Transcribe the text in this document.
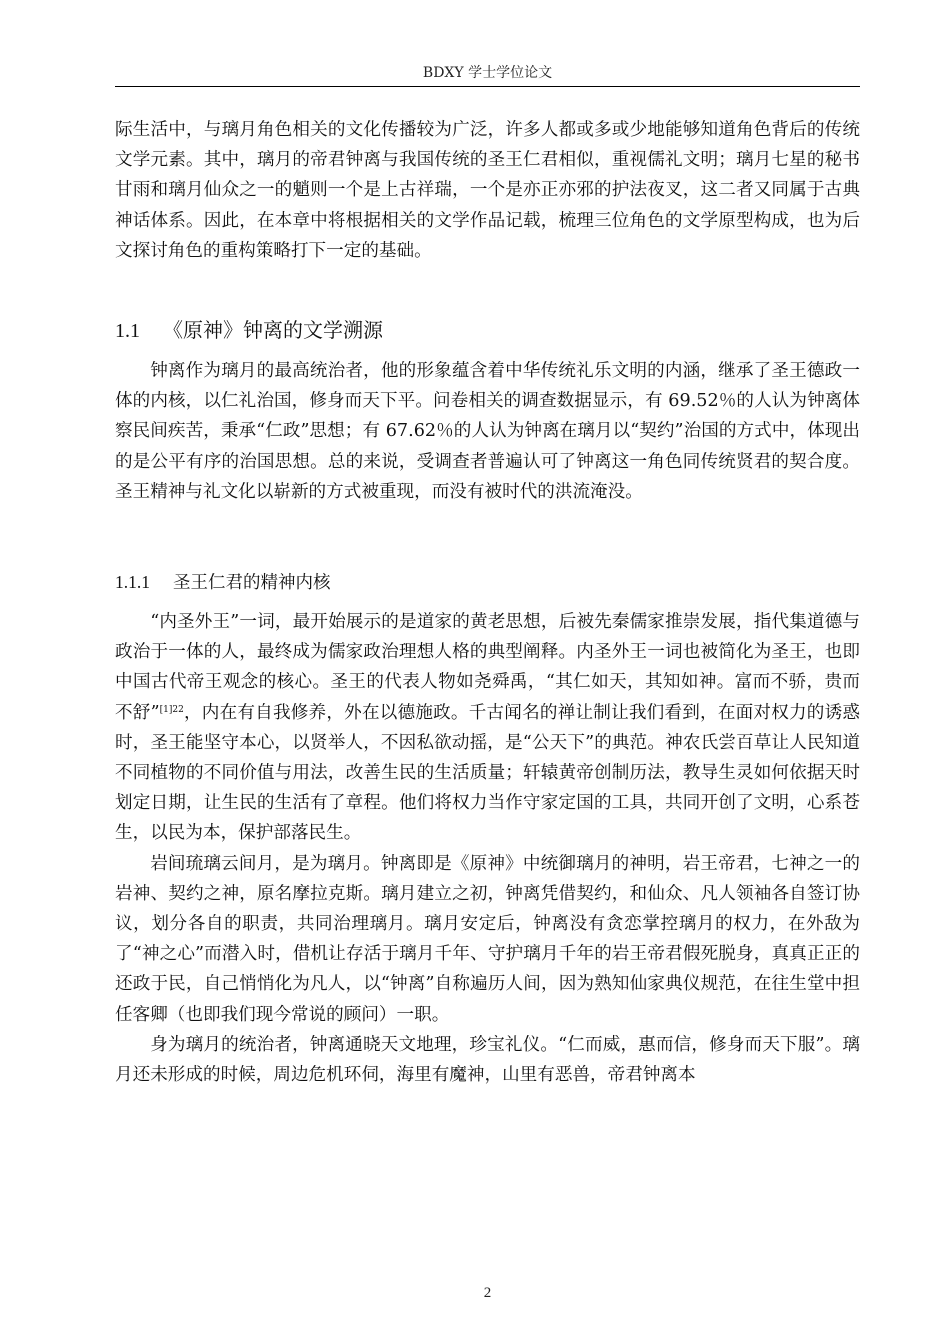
BDXY 学士学位论文

际生活中，与璃月角色相关的文化传播较为广泛，许多人都或多或少地能够知道角色背后的传统文学元素。其中，璃月的帝君钟离与我国传统的圣王仁君相似，重视儒礼文明；璃月七星的秘书甘雨和璃月仙众之一的魈则一个是上古祥瑞，一个是亦正亦邪的护法夜叉，这二者又同属于古典神话体系。因此，在本章中将根据相关的文学作品记载，梳理三位角色的文学原型构成，也为后文探讨角色的重构策略打下一定的基础。

1.1 《原神》钟离的文学溯源

钟离作为璃月的最高统治者，他的形象蕴含着中华传统礼乐文明的内涵，继承了圣王德政一体的内核，以仁礼治国，修身而天下平。问卷相关的调查数据显示，有 69.52％的人认为钟离体察民间疾苦，秉承“仁政”思想；有 67.62％的人认为钟离在璃月以“契约”治国的方式中，体现出的是公平有序的治国思想。总的来说，受调查者普遍认可了钟离这一角色同传统贤君的契合度。圣王精神与礼文化以崭新的方式被重现，而没有被时代的洪流淹没。

1.1.1 圣王仁君的精神内核

“内圣外王”一词，最开始展示的是道家的黄老思想，后被先秦儒家推崇发展，指代集道德与政治于一体的人，最终成为儒家政治理想人格的典型阐释。内圣外王一词也被简化为圣王，也即中国古代帝王观念的核心。圣王的代表人物如尧舜禹，“其仁如天，其知如神。富而不骄，贵而不舒”$^{[1]22}$，内在有自我修养，外在以德施政。千古闻名的禅让制让我们看到，在面对权力的诱惑时，圣王能坚守本心，以贤举人，不因私欲动摇，是“公天下”的典范。神农氏尝百草让人民知道不同植物的不同价值与用法，改善生民的生活质量；轩辕黄帝创制历法，教导生灵如何依据天时划定日期，让生民的生活有了章程。他们将权力当作守家定国的工具，共同开创了文明，心系苍生，以民为本，保护部落民生。

岩间琉璃云间月，是为璃月。钟离即是《原神》中统御璃月的神明，岩王帝君，七神之一的岩神、契约之神，原名摩拉克斯。璃月建立之初，钟离凭借契约，和仙众、凡人领袖各自签订协议，划分各自的职责，共同治理璃月。璃月安定后，钟离没有贪恋掌控璃月的权力，在外敌为了“神之心”而潜入时，借机让存活于璃月千年、守护璃月千年的岩王帝君假死脱身，真真正正的还政于民，自己悄悄化为凡人，以“钟离”自称遍历人间，因为熟知仙家典仪规范，在往生堂中担任客卿（也即我们现今常说的顾问）一职。

身为璃月的统治者，钟离通晓天文地理，珍宝礼仪。“仁而威，惠而信，修身而天下服”。璃月还未形成的时候，周边危机环伺，海里有魔神，山里有恶兽，帝君钟离本

2
